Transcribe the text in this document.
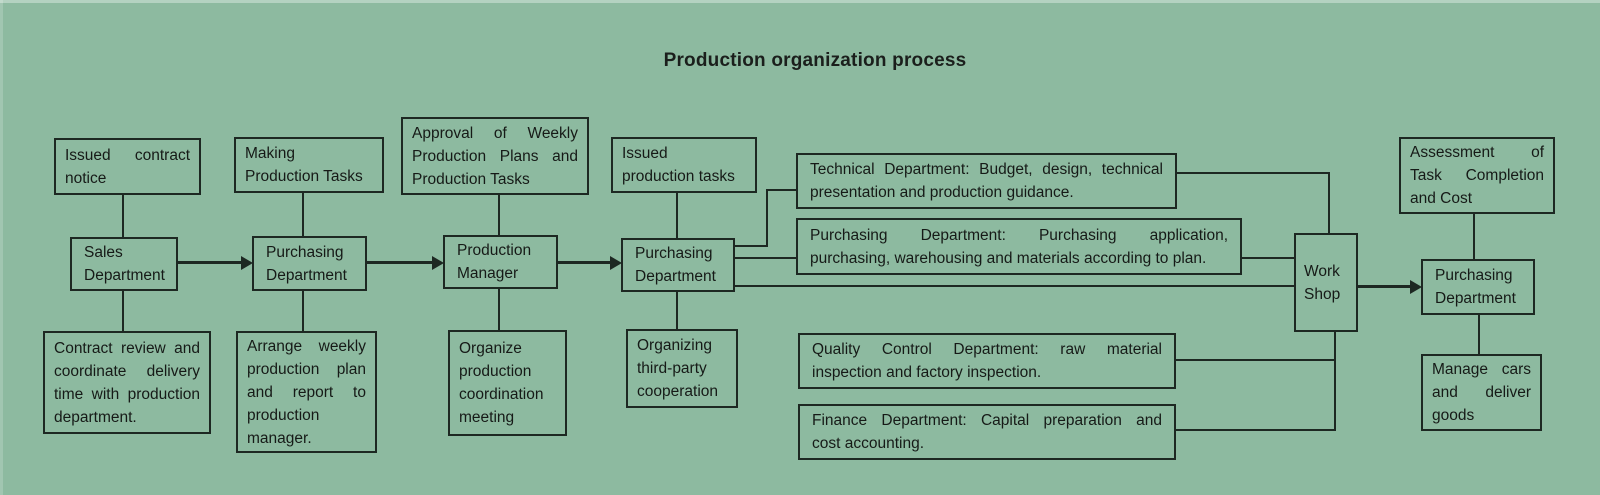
Production organization process
Issued contract
notice
Sales
Department
Contract review and
coordinate delivery
time with production
department.
Making
Production Tasks
Purchasing
Department
Arrange weekly
production plan
and report to
production
manager.
Approval of Weekly
Production Plans and
Production Tasks
Production
Manager
Organize
production
coordination
meeting
Issued
production tasks
Purchasing
Department
Organizing
third-party
cooperation
Technical Department: Budget, design, technical
presentation and production guidance.
Purchasing Department: Purchasing application,
purchasing, warehousing and materials according to plan.
Quality Control Department: raw material
inspection and factory inspection.
Finance Department: Capital preparation and
cost accounting.
Work
Shop
Assessment of
Task Completion
and Cost
Purchasing
Department
Manage cars
and deliver
goods
